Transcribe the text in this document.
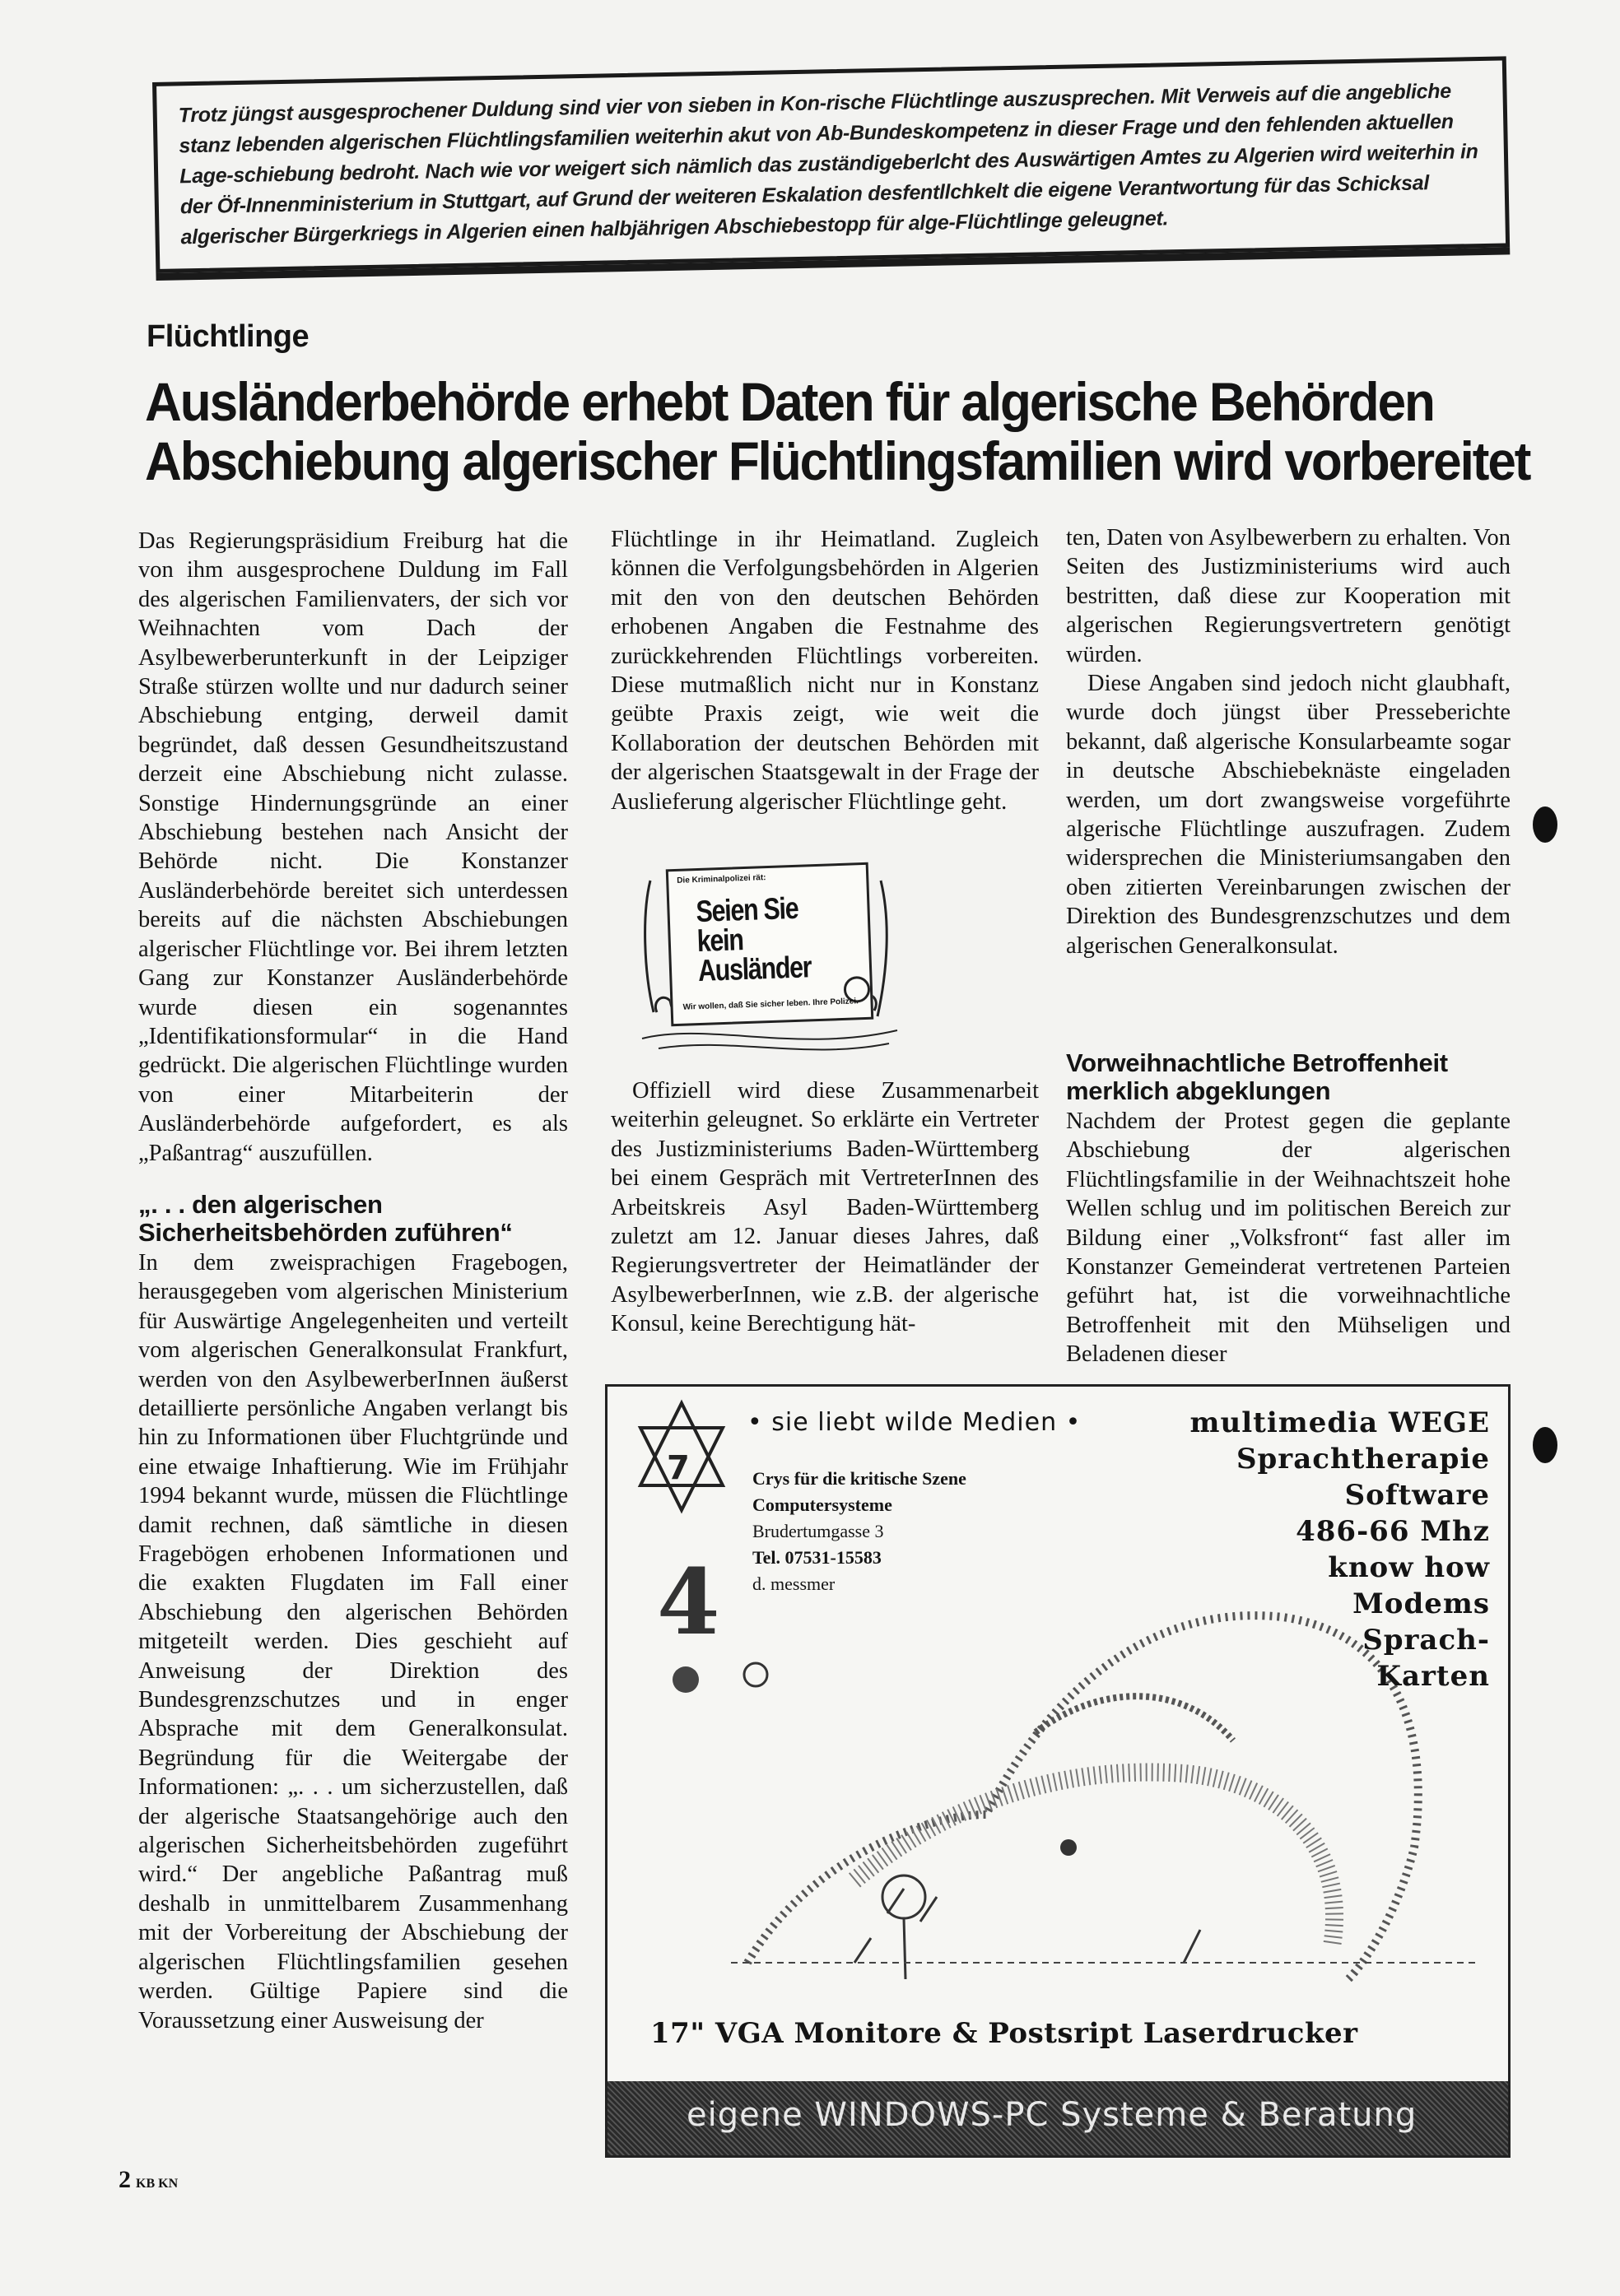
Trotz jüngst ausgesprochener Duldung sind vier von sieben in Kon-rische Flüchtlinge auszusprechen. Mit Verweis auf die angebliche stanz lebenden algerischen Flüchtlingsfamilien weiterhin akut von Ab-Bundeskompetenz in dieser Frage und den fehlenden aktuellen Lage-schiebung bedroht. Nach wie vor weigert sich nämlich das zuständigeberlcht des Auswärtigen Amtes zu Algerien wird weiterhin in der Öf-Innenministerium in Stuttgart, auf Grund der weiteren Eskalation desfentllchkelt die eigene Verantwortung für das Schicksal algerischer Bürgerkriegs in Algerien einen halbjährigen Abschiebestopp für alge-Flüchtlinge geleugnet.

Flüchtlinge
Ausländerbehörde erhebt Daten für algerische Behörden
Abschiebung algerischer Flüchtlingsfamilien wird vorbereitet

Das Regierungspräsidium Freiburg hat die von ihm ausgesprochene Duldung im Fall des algerischen Familienvaters, der sich vor Weihnachten vom Dach der Asylbewerberunterkunft in der Leipziger Straße stürzen wollte und nur dadurch seiner Abschiebung entging, derweil damit begründet, daß dessen Gesundheitszustand derzeit eine Abschiebung nicht zulasse. Sonstige Hindernungsgründe an einer Abschiebung bestehen nach Ansicht der Behörde nicht. Die Konstanzer Ausländerbehörde bereitet sich unterdessen bereits auf die nächsten Abschiebungen algerischer Flüchtlinge vor. Bei ihrem letzten Gang zur Konstanzer Ausländerbehörde wurde diesen ein sogenanntes „Identifikationsformular“ in die Hand gedrückt. Die algerischen Flüchtlinge wurden von einer Mitarbeiterin der Ausländerbehörde aufgefordert, es als „Paßantrag“ auszufüllen.

„. . . den algerischen Sicherheitsbehörden zuführen“

In dem zweisprachigen Fragebogen, herausgegeben vom algerischen Ministerium für Auswärtige Angelegenheiten und verteilt vom algerischen Generalkonsulat Frankfurt, werden von den AsylbewerberInnen äußerst detaillierte persönliche Angaben verlangt bis hin zu Informationen über Fluchtgründe und eine etwaige Inhaftierung. Wie im Frühjahr 1994 bekannt wurde, müssen die Flüchtlinge damit rechnen, daß sämtliche in diesen Fragebögen erhobenen Informationen und die exakten Flugdaten im Fall einer Abschiebung den algerischen Behörden mitgeteilt werden. Dies geschieht auf Anweisung der Direktion des Bundesgrenzschutzes und in enger Absprache mit dem Generalkonsulat. Begründung für die Weitergabe der Informationen: „. . . um sicherzustellen, daß der algerische Staatsangehörige auch den algerischen Sicherheitsbehörden zugeführt wird.“ Der angebliche Paßantrag muß deshalb in unmittelbarem Zusammenhang mit der Vorbereitung der Abschiebung der algerischen Flüchtlingsfamilien gesehen werden. Gültige Papiere sind die Voraussetzung einer Ausweisung der

Flüchtlinge in ihr Heimatland. Zugleich können die Verfolgungsbehörden in Algerien mit den von den deutschen Behörden erhobenen Angaben die Festnahme des zurückkehrenden Flüchtlings vorbereiten. Diese mutmaßlich nicht nur in Konstanz geübte Praxis zeigt, wie weit die Kollaboration der deutschen Behörden mit der algerischen Staatsgewalt in der Frage der Auslieferung algerischer Flüchtlinge geht.

Die Kriminalpolizei rät:
Seien Sie
kein
Ausländer
Wir wollen, daß Sie sicher leben. Ihre Polizei.

Offiziell wird diese Zusammenarbeit weiterhin geleugnet. So erklärte ein Vertreter des Justizministeriums Baden-Württemberg bei einem Gespräch mit VertreterInnen des Arbeitskreis Asyl Baden-Württemberg zuletzt am 12. Januar dieses Jahres, daß Regierungsvertreter der Heimatländer der AsylbewerberInnen, wie z.B. der algerische Konsul, keine Berechtigung hät-

ten, Daten von Asylbewerbern zu erhalten. Von Seiten des Justizministeriums wird auch bestritten, daß diese zur Kooperation mit algerischen Regierungsvertretern genötigt würden.

Diese Angaben sind jedoch nicht glaubhaft, wurde doch jüngst über Presseberichte bekannt, daß algerische Konsularbeamte sogar in deutsche Abschiebeknäste eingeladen werden, um dort zwangsweise vorgeführte algerische Flüchtlinge auszufragen. Zudem widersprechen die Ministeriumsangaben den oben zitierten Vereinbarungen zwischen der Direktion des Bundesgrenzschutzes und dem algerischen Generalkonsulat.

Vorweihnachtliche Betroffenheit merklich abgeklungen

Nachdem der Protest gegen die geplante Abschiebung der algerischen Flüchtlingsfamilie in der Weihnachtszeit hohe Wellen schlug und im politischen Bereich zur Bildung einer „Volksfront“ fast aller im Konstanzer Gemeinderat vertretenen Parteien geführt hat, ist die vorweihnachtliche Betroffenheit mit den Mühseligen und Beladenen dieser

7
4
• sie liebt wilde Medien •
Crys für die kritische Szene
Computersysteme
Brudertumgasse 3
Tel. 07531-15583
d. messmer
multimedia WEGE
Sprachtherapie
Software
486-66 Mhz
know how
Modems
Sprach-
Karten
17" VGA Monitore & Postsript Laserdrucker
eigene WINDOWS-PC Systeme & Beratung
2 KB KN
